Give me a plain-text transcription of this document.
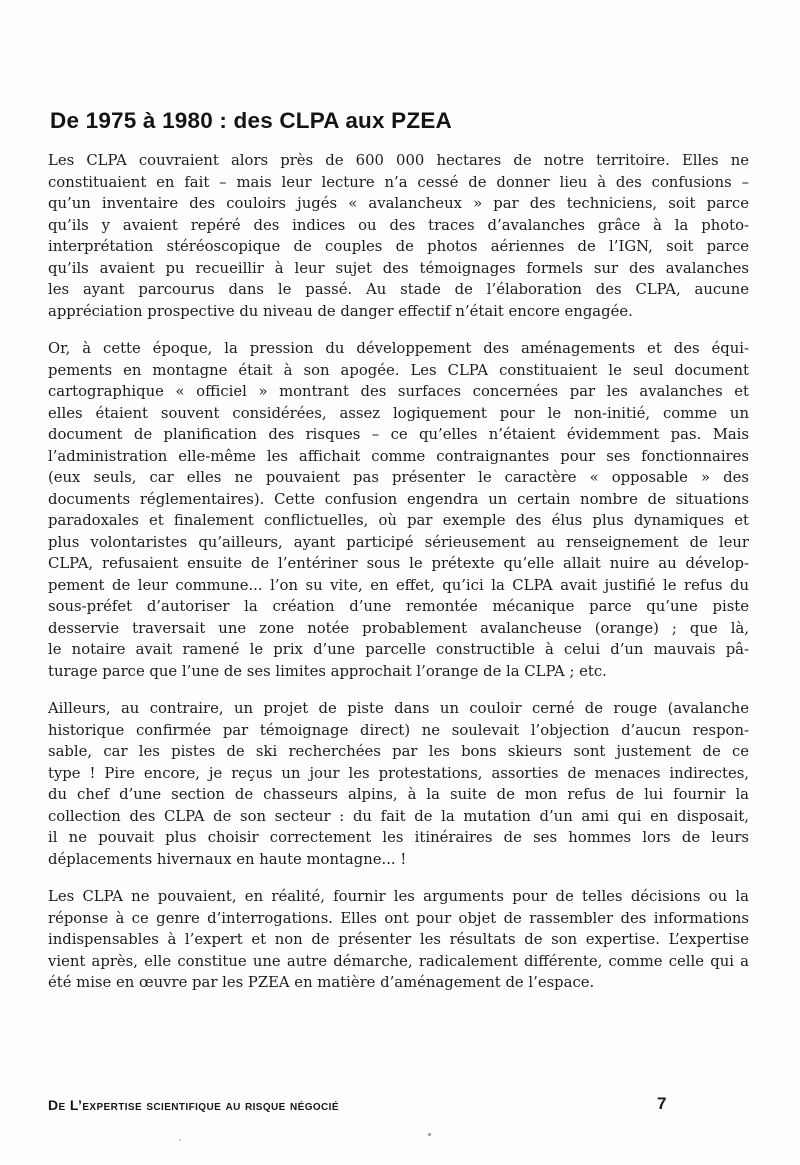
De 1975 à 1980 : des CLPA aux PZEA
Les CLPA couvraient alors près de 600 000 hectares de notre territoire. Elles ne
constituaient en fait – mais leur lecture n’a cessé de donner lieu à des confusions –
qu’un inventaire des couloirs jugés « avalancheux » par des techniciens, soit parce
qu’ils y avaient repéré des indices ou des traces d’avalanches grâce à la photo-
interprétation stéréoscopique de couples de photos aériennes de l’IGN, soit parce
qu’ils avaient pu recueillir à leur sujet des témoignages formels sur des avalanches
les ayant parcourus dans le passé. Au stade de l’élaboration des CLPA, aucune
appréciation prospective du niveau de danger effectif n’était encore engagée.
Or, à cette époque, la pression du développement des aménagements et des équi-
pements en montagne était à son apogée. Les CLPA constituaient le seul document
cartographique « officiel » montrant des surfaces concernées par les avalanches et
elles étaient souvent considérées, assez logiquement pour le non-initié, comme un
document de planification des risques – ce qu’elles n’étaient évidemment pas. Mais
l’administration elle-même les affichait comme contraignantes pour ses fonctionnaires
(eux seuls, car elles ne pouvaient pas présenter le caractère « opposable » des
documents réglementaires). Cette confusion engendra un certain nombre de situations
paradoxales et finalement conflictuelles, où par exemple des élus plus dynamiques et
plus volontaristes qu’ailleurs, ayant participé sérieusement au renseignement de leur
CLPA, refusaient ensuite de l’entériner sous le prétexte qu’elle allait nuire au dévelop-
pement de leur commune... l’on su vite, en effet, qu’ici la CLPA avait justifié le refus du
sous-préfet d’autoriser la création d’une remontée mécanique parce qu’une piste
desservie traversait une zone notée probablement avalancheuse (orange) ; que là,
le notaire avait ramené le prix d’une parcelle constructible à celui d’un mauvais pâ-
turage parce que l’une de ses limites approchait l’orange de la CLPA ; etc.
Ailleurs, au contraire, un projet de piste dans un couloir cerné de rouge (avalanche
historique confirmée par témoignage direct) ne soulevait l’objection d’aucun respon-
sable, car les pistes de ski recherchées par les bons skieurs sont justement de ce
type ! Pire encore, je reçus un jour les protestations, assorties de menaces indirectes,
du chef d’une section de chasseurs alpins, à la suite de mon refus de lui fournir la
collection des CLPA de son secteur : du fait de la mutation d’un ami qui en disposait,
il ne pouvait plus choisir correctement les itinéraires de ses hommes lors de leurs
déplacements hivernaux en haute montagne... !
Les CLPA ne pouvaient, en réalité, fournir les arguments pour de telles décisions ou la
réponse à ce genre d’interrogations. Elles ont pour objet de rassembler des informations
indispensables à l’expert et non de présenter les résultats de son expertise. L’expertise
vient après, elle constitue une autre démarche, radicalement différente, comme celle qui a
été mise en œuvre par les PZEA en matière d’aménagement de l’espace.
De L’expertise scientifique au risque négocié	7
